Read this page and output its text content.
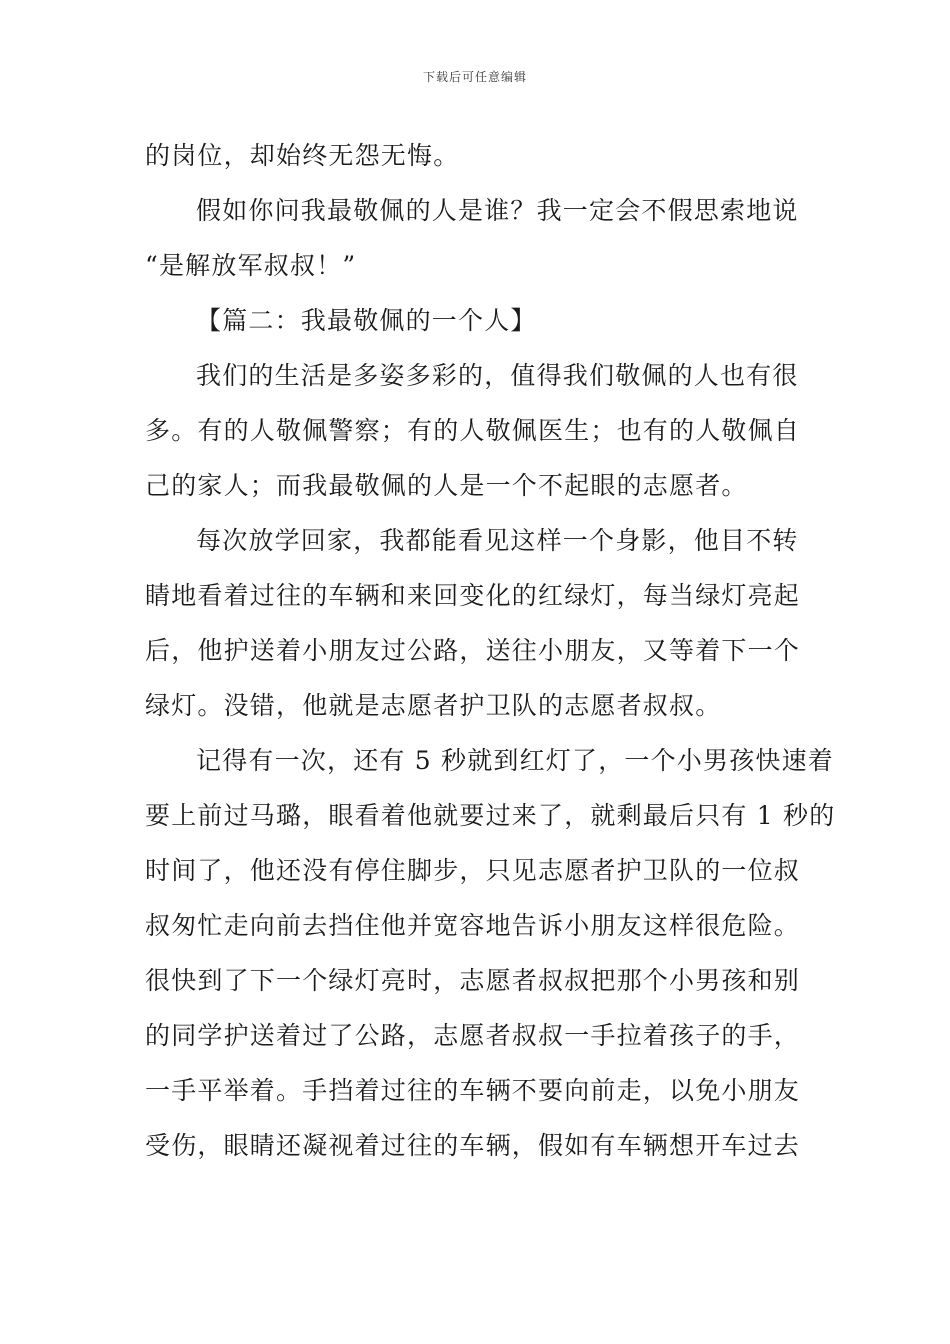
下载后可任意编辑
的岗位，却始终无怨无悔。
假如你问我最敬佩的人是谁？我一定会不假思索地说
“是解放军叔叔！”
【篇二：我最敬佩的一个人】
我们的生活是多姿多彩的，值得我们敬佩的人也有很
多。有的人敬佩警察；有的人敬佩医生；也有的人敬佩自
己的家人；而我最敬佩的人是一个不起眼的志愿者。
每次放学回家，我都能看见这样一个身影，他目不转
睛地看着过往的车辆和来回变化的红绿灯，每当绿灯亮起
后，他护送着小朋友过公路，送往小朋友，又等着下一个
绿灯。没错，他就是志愿者护卫队的志愿者叔叔。
记得有一次，还有 5 秒就到红灯了，一个小男孩快速着
要上前过马璐，眼看着他就要过来了，就剩最后只有 1 秒的
时间了，他还没有停住脚步，只见志愿者护卫队的一位叔
叔匆忙走向前去挡住他并宽容地告诉小朋友这样很危险。
很快到了下一个绿灯亮时，志愿者叔叔把那个小男孩和别
的同学护送着过了公路，志愿者叔叔一手拉着孩子的手，
一手平举着。手挡着过往的车辆不要向前走，以免小朋友
受伤，眼睛还凝视着过往的车辆，假如有车辆想开车过去
